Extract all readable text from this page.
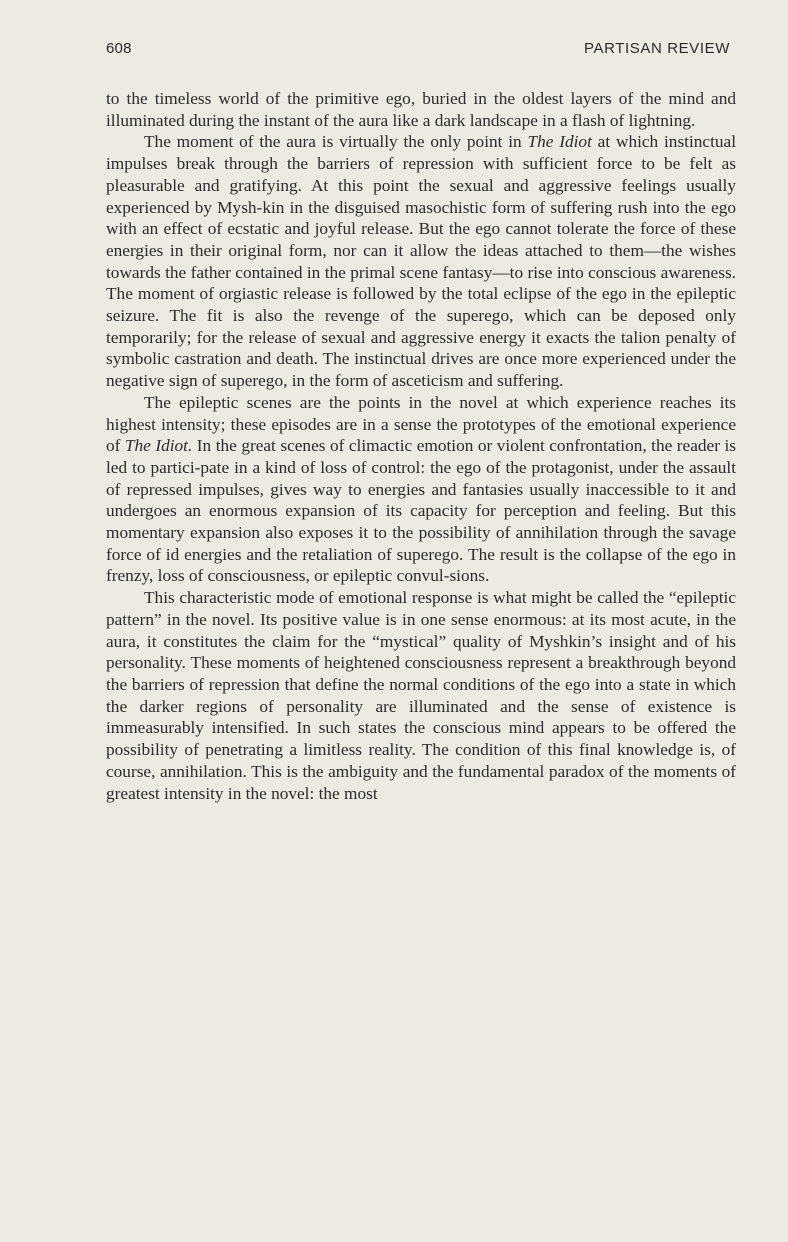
608	PARTISAN REVIEW

to the timeless world of the primitive ego, buried in the oldest layers of the mind and illuminated during the instant of the aura like a dark landscape in a flash of lightning.

The moment of the aura is virtually the only point in The Idiot at which instinctual impulses break through the barriers of repression with sufficient force to be felt as pleasurable and gratifying. At this point the sexual and aggressive feelings usually experienced by Mysh-kin in the disguised masochistic form of suffering rush into the ego with an effect of ecstatic and joyful release. But the ego cannot tolerate the force of these energies in their original form, nor can it allow the ideas attached to them—the wishes towards the father contained in the primal scene fantasy—to rise into conscious awareness. The moment of orgiastic release is followed by the total eclipse of the ego in the epileptic seizure. The fit is also the revenge of the superego, which can be deposed only temporarily; for the release of sexual and aggressive energy it exacts the talion penalty of symbolic castration and death. The instinctual drives are once more experienced under the negative sign of superego, in the form of asceticism and suffering.

The epileptic scenes are the points in the novel at which experience reaches its highest intensity; these episodes are in a sense the prototypes of the emotional experience of The Idiot. In the great scenes of climactic emotion or violent confrontation, the reader is led to partici-pate in a kind of loss of control: the ego of the protagonist, under the assault of repressed impulses, gives way to energies and fantasies usually inaccessible to it and undergoes an enormous expansion of its capacity for perception and feeling. But this momentary expansion also exposes it to the possibility of annihilation through the savage force of id energies and the retaliation of superego. The result is the collapse of the ego in frenzy, loss of consciousness, or epileptic convul-sions.

This characteristic mode of emotional response is what might be called the “epileptic pattern” in the novel. Its positive value is in one sense enormous: at its most acute, in the aura, it constitutes the claim for the “mystical” quality of Myshkin’s insight and of his personality. These moments of heightened consciousness represent a breakthrough beyond the barriers of repression that define the normal conditions of the ego into a state in which the darker regions of personality are illuminated and the sense of existence is immeasurably intensified. In such states the conscious mind appears to be offered the possibility of penetrating a limitless reality. The condition of this final knowledge is, of course, annihilation. This is the ambiguity and the fundamental paradox of the moments of greatest intensity in the novel: the most
